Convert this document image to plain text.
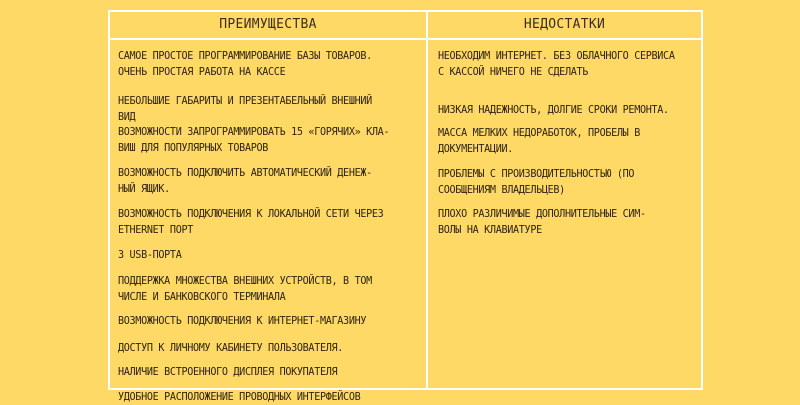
ПРЕИМУЩЕСТВА	НЕДОСТАТКИ
САМОЕ ПРОСТОЕ ПРОГРАММИРОВАНИЕ БАЗЫ ТОВАРОВ.
ОЧЕНЬ ПРОСТАЯ РАБОТА НА КАССЕ
НЕБОЛЬШИЕ ГАБАРИТЫ И ПРЕЗЕНТАБЕЛЬНЫЙ ВНЕШНИЙ ВИД
ВОЗМОЖНОСТИ ЗАПРОГРАММИРОВАТЬ 15 «ГОРЯЧИХ» КЛА-
ВИШ ДЛЯ ПОПУЛЯРНЫХ ТОВАРОВ
ВОЗМОЖНОСТЬ ПОДКЛЮЧИТЬ АВТОМАТИЧЕСКИЙ ДЕНЕЖ-
НЫЙ ЯЩИК.
ВОЗМОЖНОСТЬ ПОДКЛЮЧЕНИЯ К ЛОКАЛЬНОЙ СЕТИ ЧЕРЕЗ
ETHERNET ПОРТ
3 USB-ПОРТА
ПОДДЕРЖКА МНОЖЕСТВА ВНЕШНИХ УСТРОЙСТВ, В ТОМ
ЧИСЛЕ И БАНКОВСКОГО ТЕРМИНАЛА
ВОЗМОЖНОСТЬ ПОДКЛЮЧЕНИЯ К ИНТЕРНЕТ-МАГАЗИНУ
ДОСТУП К ЛИЧНОМУ КАБИНЕТУ ПОЛЬЗОВАТЕЛЯ.
НАЛИЧИЕ ВСТРОЕННОГО ДИСПЛЕЯ ПОКУПАТЕЛЯ
УДОБНОЕ РАСПОЛОЖЕНИЕ ПРОВОДНЫХ ИНТЕРФЕЙСОВ
НЕОБХОДИМ ИНТЕРНЕТ. БЕЗ ОБЛАЧНОГО СЕРВИСА
С КАССОЙ НИЧЕГО НЕ СДЕЛАТЬ
НИЗКАЯ НАДЕЖНОСТЬ, ДОЛГИЕ СРОКИ РЕМОНТА.
МАССА МЕЛКИХ НЕДОРАБОТОК, ПРОБЕЛЫ В
ДОКУМЕНТАЦИИ.
ПРОБЛЕМЫ С ПРОИЗВОДИТЕЛЬНОСТЬЮ (ПО
СООБЩЕНИЯМ ВЛАДЕЛЬЦЕВ)
ПЛОХО РАЗЛИЧИМЫЕ ДОПОЛНИТЕЛЬНЫЕ СИМ-
ВОЛЫ НА КЛАВИАТУРЕ
